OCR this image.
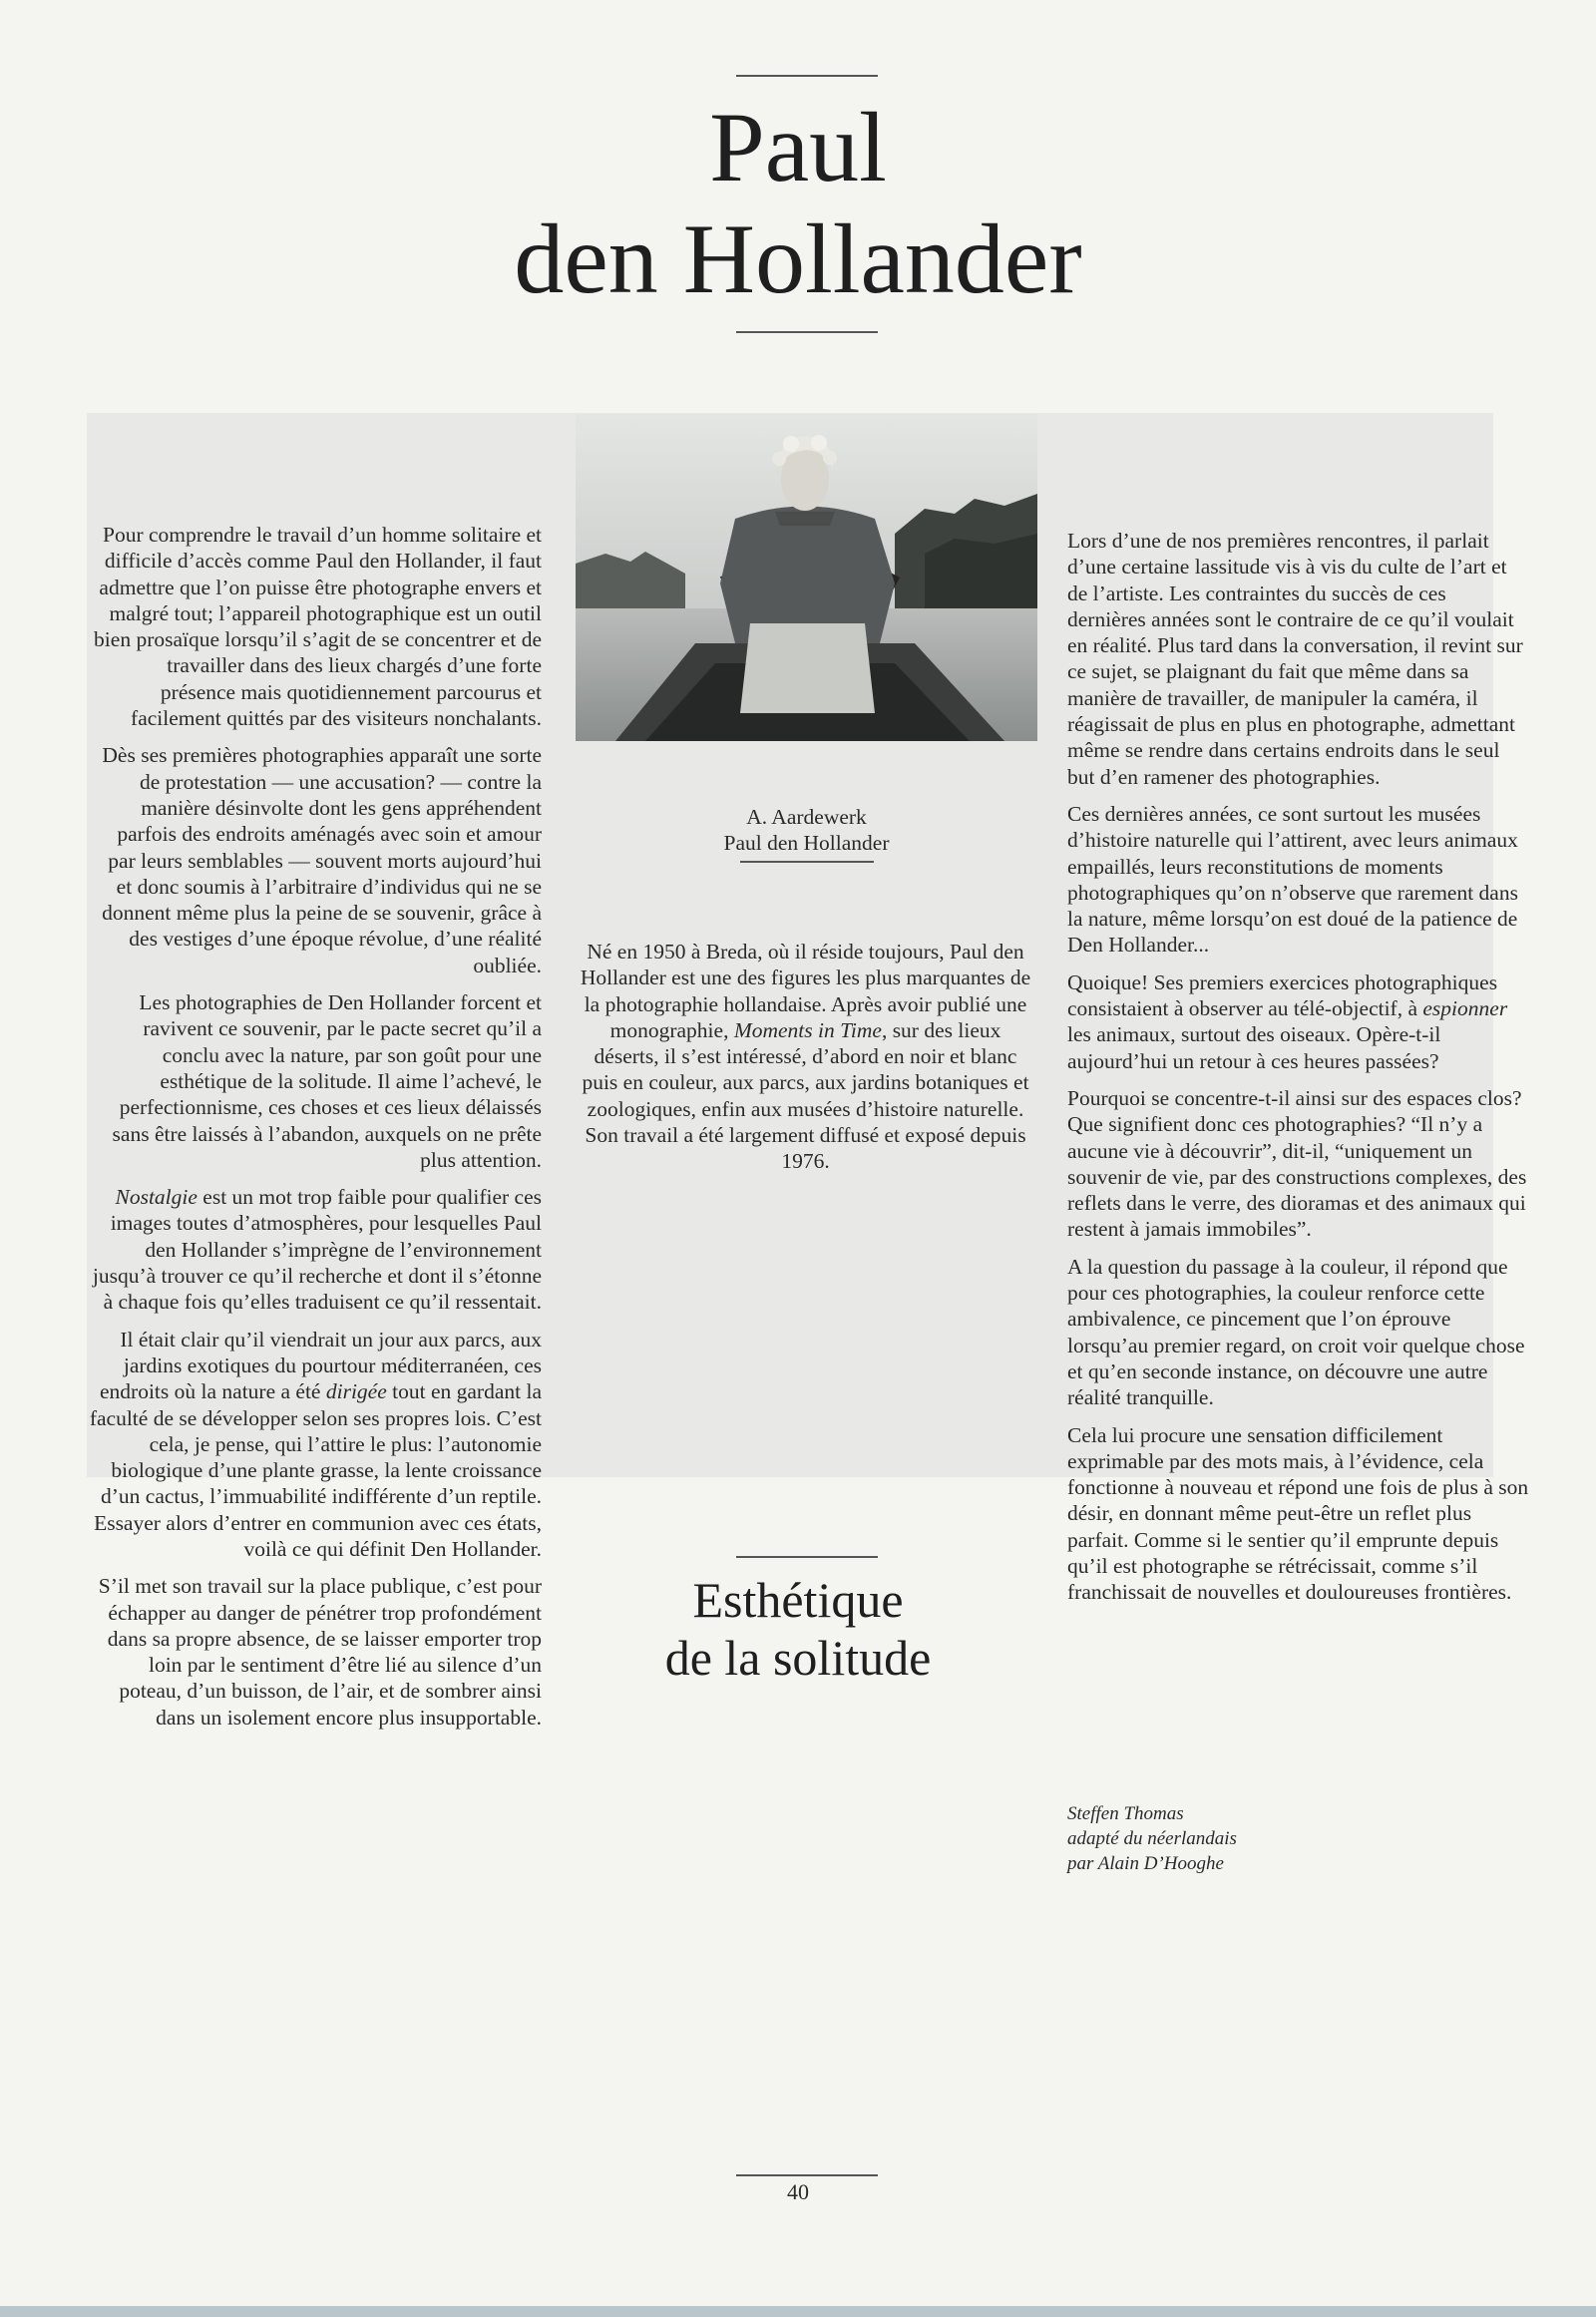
Paul
den Hollander
A. Aardewerk
Paul den Hollander

Pour comprendre le travail d’un homme solitaire et difficile d’accès comme Paul den Hollander, il faut admettre que l’on puisse être photographe envers et malgré tout; l’appareil photographique est un outil bien prosaïque lorsqu’il s’agit de se concentrer et de travailler dans des lieux chargés d’une forte présence mais quotidiennement parcourus et facilement quittés par des visiteurs nonchalants.

Dès ses premières photographies apparaît une sorte de protestation — une accusation? — contre la manière désinvolte dont les gens appréhendent parfois des endroits aménagés avec soin et amour par leurs semblables — souvent morts aujourd’hui et donc soumis à l’arbitraire d’individus qui ne se donnent même plus la peine de se souvenir, grâce à des vestiges d’une époque révolue, d’une réalité oubliée.

Les photographies de Den Hollander forcent et ravivent ce souvenir, par le pacte secret qu’il a conclu avec la nature, par son goût pour une esthétique de la solitude. Il aime l’achevé, le perfectionnisme, ces choses et ces lieux délaissés sans être laissés à l’abandon, auxquels on ne prête plus attention.

Nostalgie est un mot trop faible pour qualifier ces images toutes d’atmosphères, pour lesquelles Paul den Hollander s’imprègne de l’environnement jusqu’à trouver ce qu’il recherche et dont il s’étonne à chaque fois qu’elles traduisent ce qu’il ressentait.

Il était clair qu’il viendrait un jour aux parcs, aux jardins exotiques du pourtour méditerranéen, ces endroits où la nature a été dirigée tout en gardant la faculté de se développer selon ses propres lois. C’est cela, je pense, qui l’attire le plus: l’autonomie biologique d’une plante grasse, la lente croissance d’un cactus, l’immuabilité indifférente d’un reptile. Essayer alors d’entrer en communion avec ces états, voilà ce qui définit Den Hollander.

S’il met son travail sur la place publique, c’est pour échapper au danger de pénétrer trop profondément dans sa propre absence, de se laisser emporter trop loin par le sentiment d’être lié au silence d’un poteau, d’un buisson, de l’air, et de sombrer ainsi dans un isolement encore plus insupportable.

Né en 1950 à Breda, où il réside toujours, Paul den Hollander est une des figures les plus marquantes de la photographie hollandaise. Après avoir publié une monographie, Moments in Time, sur des lieux déserts, il s’est intéressé, d’abord en noir et blanc puis en couleur, aux parcs, aux jardins botaniques et zoologiques, enfin aux musées d’histoire naturelle.

Son travail a été largement diffusé et exposé depuis 1976.

Lors d’une de nos premières rencontres, il parlait d’une certaine lassitude vis à vis du culte de l’art et de l’artiste. Les contraintes du succès de ces dernières années sont le contraire de ce qu’il voulait en réalité. Plus tard dans la conversation, il revint sur ce sujet, se plaignant du fait que même dans sa manière de travailler, de manipuler la caméra, il réagissait de plus en plus en photographe, admettant même se rendre dans certains endroits dans le seul but d’en ramener des photographies.

Ces dernières années, ce sont surtout les musées d’histoire naturelle qui l’attirent, avec leurs animaux empaillés, leurs reconstitutions de moments photographiques qu’on n’observe que rarement dans la nature, même lorsqu’on est doué de la patience de Den Hollander...

Quoique! Ses premiers exercices photographiques consistaient à observer au télé-objectif, à espionner les animaux, surtout des oiseaux. Opère-t-il aujourd’hui un retour à ces heures passées?

Pourquoi se concentre-t-il ainsi sur des espaces clos? Que signifient donc ces photographies? “Il n’y a aucune vie à découvrir”, dit-il, “uniquement un souvenir de vie, par des constructions complexes, des reflets dans le verre, des dioramas et des animaux qui restent à jamais immobiles”.

A la question du passage à la couleur, il répond que pour ces photographies, la couleur renforce cette ambivalence, ce pincement que l’on éprouve lorsqu’au premier regard, on croit voir quelque chose et qu’en seconde instance, on découvre une autre réalité tranquille.

Cela lui procure une sensation difficilement exprimable par des mots mais, à l’évidence, cela fonctionne à nouveau et répond une fois de plus à son désir, en donnant même peut-être un reflet plus parfait. Comme si le sentier qu’il emprunte depuis qu’il est photographe se rétrécissait, comme s’il franchissait de nouvelles et douloureuses frontières.

Steffen Thomas
adapté du néerlandais
par Alain D’Hooghe
Esthétique
de la solitude
40
